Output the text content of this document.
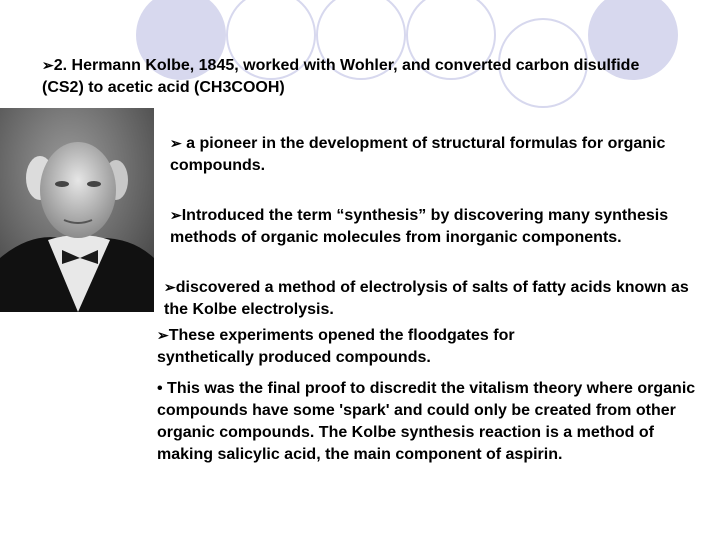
➢2. Hermann Kolbe, 1845, worked with Wohler, and converted carbon disulfide (CS2) to acetic acid (CH3COOH)

➢ a pioneer in the development of structural formulas for organic compounds.

➢Introduced the term “synthesis” by discovering many synthesis methods of organic molecules from inorganic components.

➢discovered a method of electrolysis of salts of fatty acids known as the Kolbe electrolysis.

➢These experiments opened the floodgates for synthetically produced compounds.

• This was the final proof to discredit the vitalism theory where organic compounds have some 'spark' and could only be created from other organic compounds. The Kolbe synthesis reaction is a method of making salicylic acid, the main component of aspirin.
